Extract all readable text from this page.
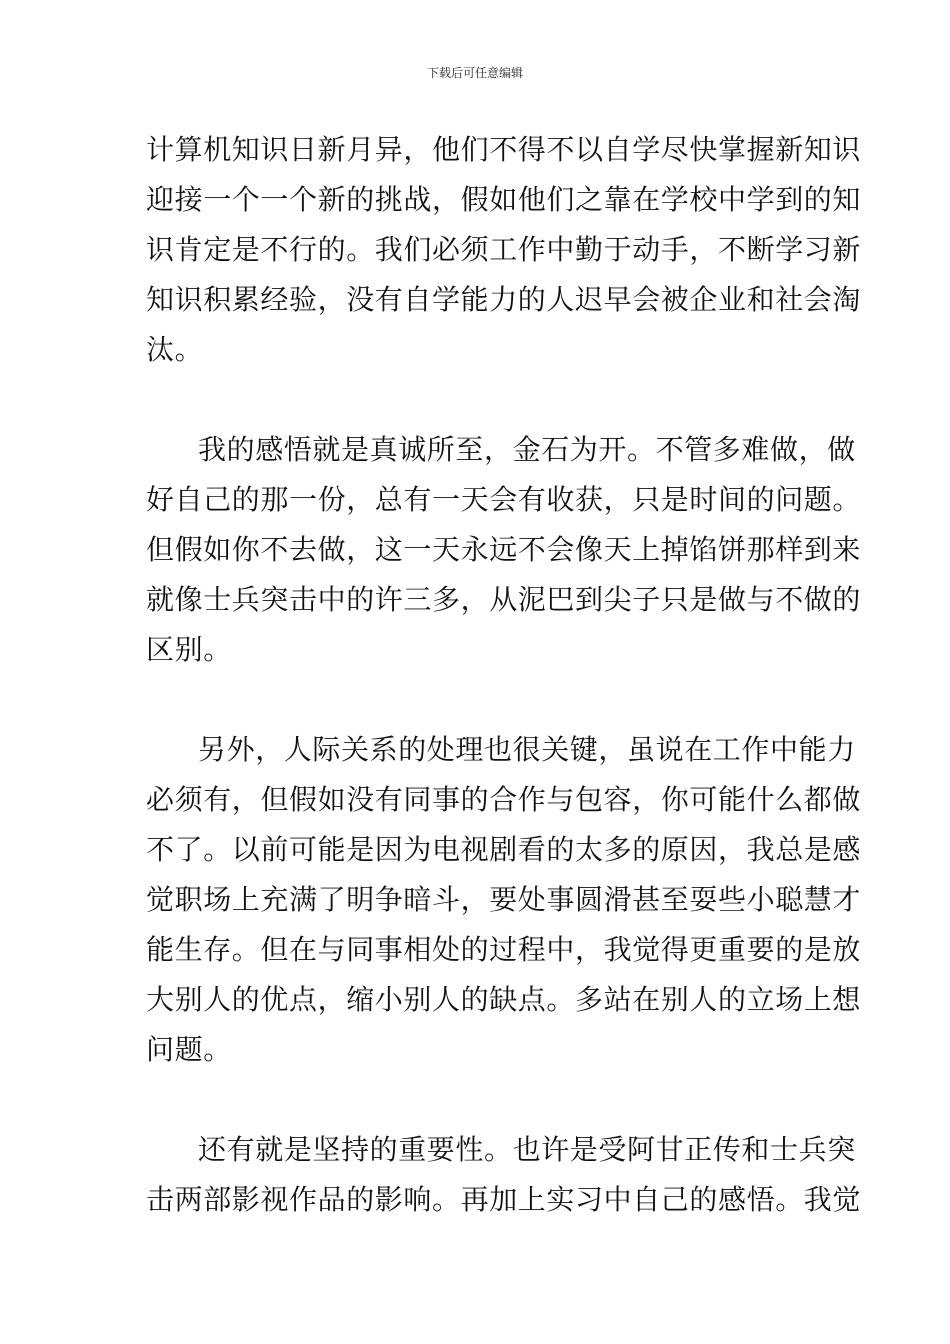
下载后可任意编辑
计算机知识日新月异，他们不得不以自学尽快掌握新知识
迎接一个一个新的挑战，假如他们之靠在学校中学到的知
识肯定是不行的。我们必须工作中勤于动手，不断学习新
知识积累经验，没有自学能力的人迟早会被企业和社会淘
汰。
我的感悟就是真诚所至，金石为开。不管多难做，做
好自己的那一份，总有一天会有收获，只是时间的问题。
但假如你不去做，这一天永远不会像天上掉馅饼那样到来
就像士兵突击中的许三多，从泥巴到尖子只是做与不做的
区别。
另外，人际关系的处理也很关键，虽说在工作中能力
必须有，但假如没有同事的合作与包容，你可能什么都做
不了。以前可能是因为电视剧看的太多的原因，我总是感
觉职场上充满了明争暗斗，要处事圆滑甚至耍些小聪慧才
能生存。但在与同事相处的过程中，我觉得更重要的是放
大别人的优点，缩小别人的缺点。多站在别人的立场上想
问题。
还有就是坚持的重要性。也许是受阿甘正传和士兵突
击两部影视作品的影响。再加上实习中自己的感悟。我觉
